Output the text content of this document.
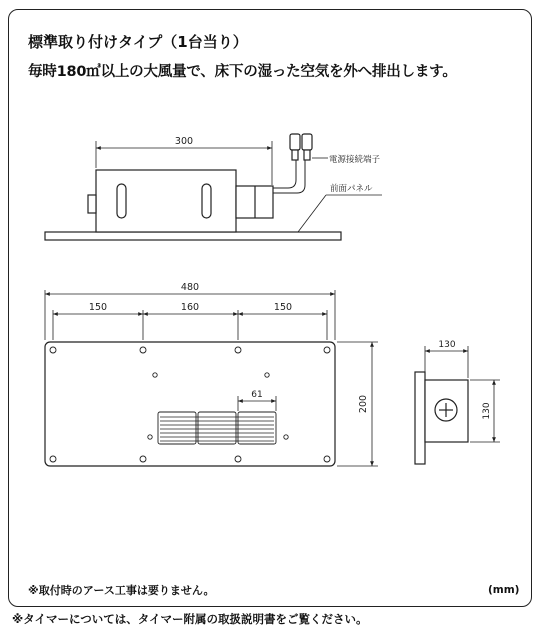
標準取り付けタイプ（1台当り）
毎時180㎥以上の大風量で、床下の湿った空気を外へ排出します。
300
電源接続端子
前面パネル
480
150	160	150
61	200
130
130
※取付時のアース工事は要りません。	(mm)
※タイマーについては、タイマー附属の取扱説明書をご覧ください。
